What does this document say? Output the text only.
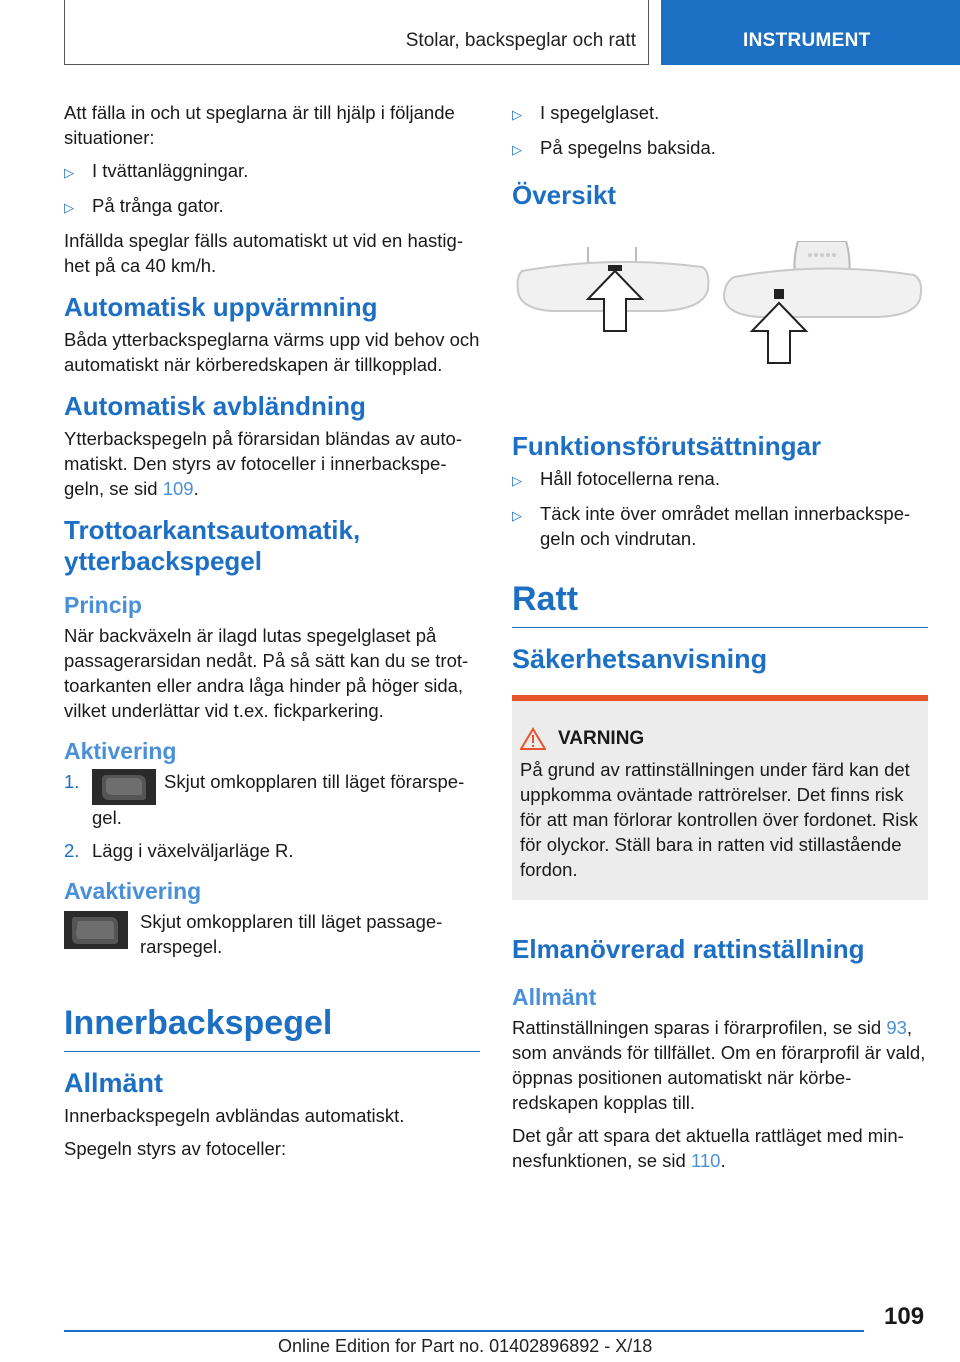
Stolar, backspeglar och ratt	INSTRUMENT

Att fälla in och ut speglarna är till hjälp i följande situationer:

▷ I tvättanläggningar.
▷ På trånga gator.

Infällda speglar fälls automatiskt ut vid en hastighet på ca 40 km/h.

Automatisk uppvärmning

Båda ytterbackspeglarna värms upp vid behov och automatiskt när körberedskapen är tillkopplad.

Automatisk avbländning

Ytterbackspegeln på förarsidan bländas av automatiskt. Den styrs av fotoceller i innerbackspegeln, se sid 109.

Trottoarkantsautomatik, ytterbackspegel
Princip

När backväxeln är ilagd lutas spegelglaset på passagerarsidan nedåt. På så sätt kan du se trottoarkanten eller andra låga hinder på höger sida, vilket underlättar vid t.ex. fickparkering.

Aktivering
1.	Skjut omkopplaren till läget förarspegel.
2. Lägg i växelväljarläge R.
Avaktivering

Skjut omkopplaren till läget passagerarspegel.

Innerbackspegel
Allmänt

Innerbackspegeln avbländas automatiskt.

Spegeln styrs av fotoceller:

▷ I spegelglaset.
▷ På spegelns baksida.
Översikt
Funktionsförutsättningar
▷ Håll fotocellerna rena.
▷ Täck inte över området mellan innerbackspegeln och vindrutan.
Ratt
Säkerhetsanvisning
VARNING

På grund av rattinställningen under färd kan det uppkomma oväntade rattrörelser. Det finns risk för att man förlorar kontrollen över fordonet. Risk för olyckor. Ställ bara in ratten vid stillastående fordon.

Elmanövrerad rattinställning
Allmänt

Rattinställningen sparas i förarprofilen, se sid 93, som används för tillfället. Om en förarprofil är vald, öppnas positionen automatiskt när körberedskapen kopplas till.

Det går att spara det aktuella rattläget med minnesfunktionen, se sid 110.

109
Online Edition for Part no. 01402896892 - X/18
